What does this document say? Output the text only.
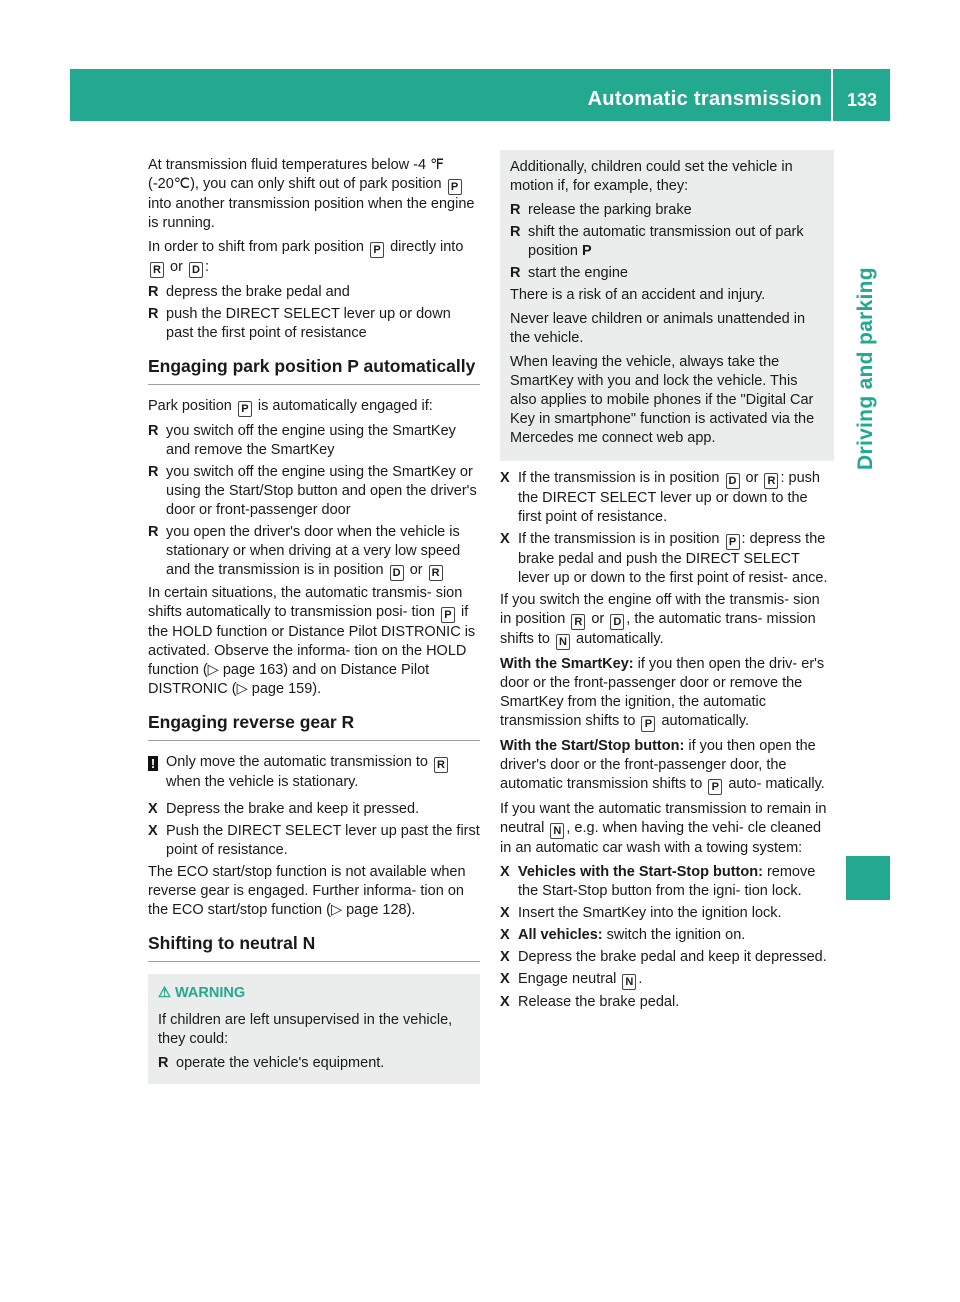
Automatic transmission	133
Driving and parking

At transmission fluid temperatures below -4 ℉ (-20℃), you can only shift out of park position P into another transmission position when the engine is running.

In order to shift from park position P directly into R or D :

R depress the brake pedal and
R push the DIRECT SELECT lever up or down past the first point of resistance
Engaging park position P automatically

Park position P is automatically engaged if:

R you switch off the engine using the SmartKey and remove the SmartKey
R you switch off the engine using the SmartKey or using the Start/Stop button and open the driver's door or front-passenger door
R you open the driver's door when the vehicle is stationary or when driving at a very low speed and the transmission is in position D or R

In certain situations, the automatic transmis- sion shifts automatically to transmission posi- tion P if the HOLD function or Distance Pilot DISTRONIC is activated. Observe the informa- tion on the HOLD function (▷ page 163) and on Distance Pilot DISTRONIC (▷ page 159).

Engaging reverse gear R
! Only move the automatic transmission to R when the vehicle is stationary.
X Depress the brake and keep it pressed.
X Push the DIRECT SELECT lever up past the first point of resistance.

The ECO start/stop function is not available when reverse gear is engaged. Further informa- tion on the ECO start/stop function (▷ page 128).

Shifting to neutral N
⚠ WARNING

If children are left unsupervised in the vehicle, they could:

R operate the vehicle's equipment.

Additionally, children could set the vehicle in motion if, for example, they:

R release the parking brake
R shift the automatic transmission out of park position P
R start the engine

There is a risk of an accident and injury.

Never leave children or animals unattended in the vehicle.

When leaving the vehicle, always take the SmartKey with you and lock the vehicle. This also applies to mobile phones if the "Digital Car Key in smartphone" function is activated via the Mercedes me connect web app.

X If the transmission is in position D or R : push the DIRECT SELECT lever up or down to the first point of resistance.
X If the transmission is in position P : depress the brake pedal and push the DIRECT SELECT lever up or down to the first point of resist- ance.

If you switch the engine off with the transmis- sion in position R or D , the automatic trans- mission shifts to N automatically.

With the SmartKey: if you then open the driv- er's door or the front-passenger door or remove the SmartKey from the ignition, the automatic transmission shifts to P automatically.

With the Start/Stop button: if you then open the driver's door or the front-passenger door, the automatic transmission shifts to P auto- matically.

If you want the automatic transmission to remain in neutral N , e.g. when having the vehi- cle cleaned in an automatic car wash with a towing system:

X Vehicles with the Start-Stop button: remove the Start-Stop button from the igni- tion lock.
X Insert the SmartKey into the ignition lock.
X All vehicles: switch the ignition on.
X Depress the brake pedal and keep it depressed.
X Engage neutral N .
X Release the brake pedal.
